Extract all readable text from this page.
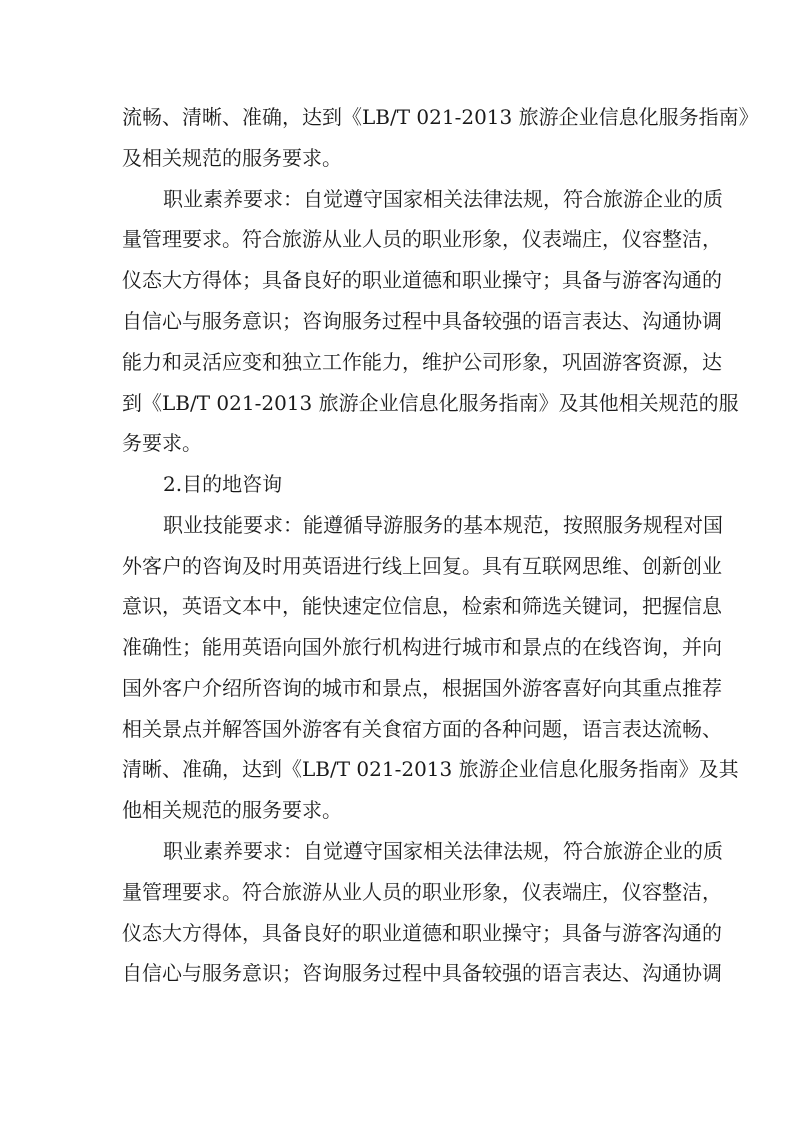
流畅、清晰、准确，达到《LB/T 021-2013 旅游企业信息化服务指南》

及相关规范的服务要求。

职业素养要求：自觉遵守国家相关法律法规，符合旅游企业的质

量管理要求。符合旅游从业人员的职业形象，仪表端庄，仪容整洁，

仪态大方得体；具备良好的职业道德和职业操守；具备与游客沟通的

自信心与服务意识；咨询服务过程中具备较强的语言表达、沟通协调

能力和灵活应变和独立工作能力，维护公司形象，巩固游客资源，达

到《LB/T 021-2013 旅游企业信息化服务指南》及其他相关规范的服

务要求。

2.目的地咨询

职业技能要求：能遵循导游服务的基本规范，按照服务规程对国

外客户的咨询及时用英语进行线上回复。具有互联网思维、创新创业

意识，英语文本中，能快速定位信息，检索和筛选关键词，把握信息

准确性；能用英语向国外旅行机构进行城市和景点的在线咨询，并向

国外客户介绍所咨询的城市和景点，根据国外游客喜好向其重点推荐

相关景点并解答国外游客有关食宿方面的各种问题，语言表达流畅、

清晰、准确，达到《LB/T 021-2013 旅游企业信息化服务指南》及其

他相关规范的服务要求。

职业素养要求：自觉遵守国家相关法律法规，符合旅游企业的质

量管理要求。符合旅游从业人员的职业形象，仪表端庄，仪容整洁，

仪态大方得体，具备良好的职业道德和职业操守；具备与游客沟通的

自信心与服务意识；咨询服务过程中具备较强的语言表达、沟通协调
